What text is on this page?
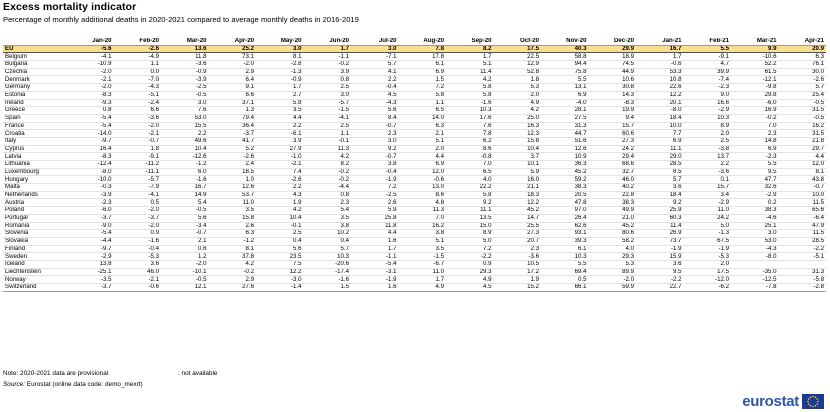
Excess mortality indicator
Percentage of monthly additional deaths in 2020-2021 compared to average monthly deaths in 2016-2019
	Jan-20	Feb-20	Mar-20	Apr-20	May-20	Jun-20	Jul-20	Aug-20	Sep-20	Oct-20	Nov-20	Dec-20	Jan-21	Feb-21	Mar-21	Apr-21
EU	-5.6	-2.6	13.6	25.2	3.0	1.7	3.0	7.8	8.2	17.5	40.3	29.9	16.7	5.5	9.9	20.9
Belgium	-4.1	-4.9	11.8	73.1	8.1	-1.1	-7.1	17.8	1.7	22.5	58.8	18.9	1.7	-9.1	-10.6	6.3
Bulgaria	-10.9	1.1	-3.6	-2.0	-2.8	-0.2	5.7	6.1	5.1	12.9	94.4	74.5	-0.6	4.7	52.2	76.1
Czechia	-2.0	0.0	-0.9	2.9	-1.3	3.9	4.1	6.9	11.4	52.8	75.8	44.9	53.3	39.9	61.5	30.0
Denmark	-2.1	-7.0	-3.9	6.4	-0.9	0.8	2.2	1.5	4.2	1.8	5.5	10.6	10.8	-7.4	-12.1	-2.6
Germany	-2.0	-4.3	-2.5	9.1	1.7	2.5	-0.4	7.2	5.8	5.3	13.1	30.8	22.6	-2.3	-9.8	5.7
Estonia	-8.3	-5.1	-0.5	6.6	2.7	3.0	4.5	5.8	5.8	2.0	6.9	14.3	12.2	9.0	29.8	25.4
Ireland	-9.3	-2.4	3.0	37.1	5.8	-5.7	-4.3	1.1	-1.6	4.9	-4.0	-8.3	20.1	16.6	-6.0	-0.5
Greece	0.8	6.6	7.6	1.3	3.5	-1.5	5.6	6.5	10.3	4.2	28.1	19.9	-8.0	-2.9	16.9	31.5
Spain	-5.4	-3.6	53.0	79.4	4.4	-4.1	8.4	14.0	17.6	25.0	27.5	9.4	18.4	10.3	-0.2	-0.5
France	-5.4	-2.0	15.5	36.4	2.2	2.5	-0.7	6.3	7.6	16.3	31.3	15.7	10.0	8.9	7.0	16.2
Croatia	-14.0	-2.1	2.2	-3.7	-6.1	1.1	2.3	2.1	7.8	12.3	44.7	60.6	7.7	2.0	2.3	31.5
Italy	-9.7	-0.7	49.6	41.7	3.9	-0.1	3.0	5.1	6.2	15.8	51.6	27.3	6.9	2.5	14.8	21.8
Cyprus	16.4	1.8	10.4	5.2	27.9	11.3	9.2	2.0	8.6	10.4	12.6	24.2	11.1	-3.8	6.9	29.7
Latvia	-8.3	-9.1	-12.6	-2.6	-1.0	4.2	-0.7	4.4	-0.8	3.7	10.9	29.4	29.0	13.7	-2.3	4.4
Lithuania	-12.4	-11.2	-1.2	2.4	-2.1	8.2	3.8	6.9	7.0	10.1	36.3	68.6	28.5	2.2	5.5	12.0
Luxembourg	-8.0	-11.1	6.0	18.5	7.4	-0.2	-0.4	12.0	6.5	5.9	45.2	32.7	8.5	-3.6	9.5	8.1
Hungary	-10.0	-5.7	-1.6	1.0	-2.6	-0.2	-1.9	-0.6	4.0	16.0	59.2	46.0	5.7	0.1	47.7	43.8
Malta	-0.3	-7.9	16.7	12.6	2.2	-4.4	7.2	13.0	22.2	21.1	38.3	40.2	3.6	15.7	32.6	-0.7
Netherlands	-3.9	-4.1	14.9	53.7	4.3	0.8	-2.5	8.6	5.8	18.3	20.5	22.8	18.4	3.4	-2.9	10.0
Austria	-2.3	0.5	5.4	11.0	1.9	2.3	2.6	4.8	9.2	12.2	47.8	38.3	9.2	-2.9	0.2	11.5
Poland	-6.0	-2.0	-0.5	3.5	4.2	5.4	5.9	11.3	11.1	45.2	97.0	49.9	25.9	11.0	38.3	65.6
Portugal	-3.7	-3.7	5.6	15.8	10.4	3.5	25.8	7.0	13.5	14.7	26.4	21.0	60.3	24.2	-4.6	-6.4
Romania	-9.0	-2.0	-3.4	2.6	-0.1	3.8	11.8	16.2	15.0	25.5	62.6	45.2	11.4	5.0	25.1	47.9
Slovenia	-5.4	0.9	-0.7	6.3	2.5	10.2	4.4	3.8	8.9	27.3	93.1	80.6	26.9	-1.3	3.0	11.5
Slovakia	-4.4	-1.6	2.1	-1.2	0.4	0.4	1.6	5.1	5.0	20.7	39.3	58.2	73.7	67.5	53.0	28.5
Finland	-9.7	-0.4	0.6	8.1	5.6	5.7	1.7	3.5	7.2	2.3	6.1	4.0	-1.9	-1.9	-4.3	-2.2
Sweden	-2.9	-5.3	1.2	37.8	23.5	10.3	-1.1	-1.5	-2.2	-3.6	10.3	29.3	15.9	-5.3	-8.0	-5.1
Iceland	13.8	3.6	-2.0	4.2	7.5	-20.6	-5.4	-6.7	0.9	10.5	5.5	5.3	3.6	2.0		
Liechtenstein	-25.1	46.0	-10.1	-0.2	12.2	-17.4	-3.1	11.0	29.3	17.2	69.4	89.9	9.5	17.5	-35.0	31.3
Norway	-3.5	-2.1	-0.5	2.9	-3.0	-1.6	-1.9	1.7	4.9	1.9	0.5	-2.0	-2.2	-12.0	-12.5	-5.8
Switzerland	-3.7	-0.6	12.1	27.6	-1.4	1.5	1.6	4.9	4.5	15.2	66.1	59.9	22.7	-6.2	-7.8	-2.8
Note: 2020-2021 data are provisional	: not available
Source: Eurostat (online data code: demo_mexrt)
eurostat
